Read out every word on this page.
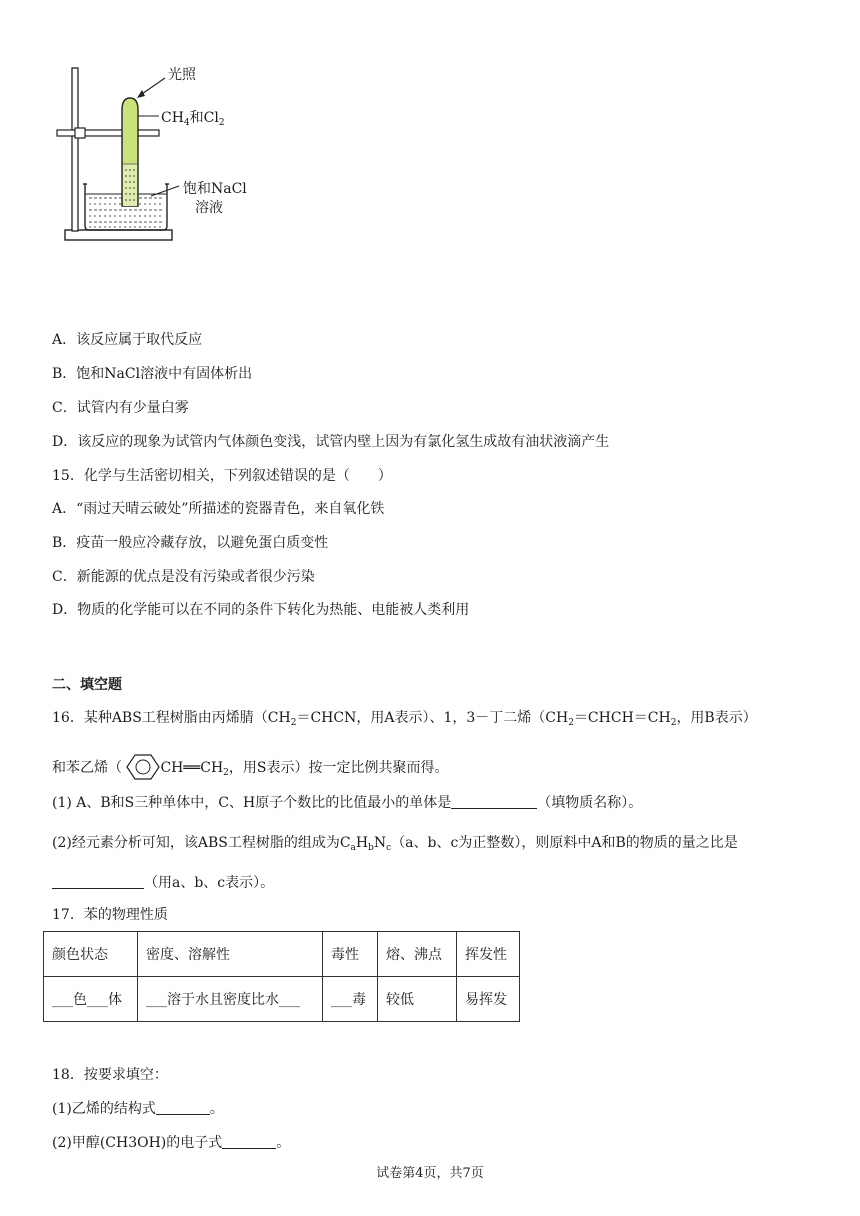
光照
$CH_4$和$Cl_2$
饱和NaCl
溶液
A．该反应属于取代反应
B．饱和NaCl溶液中有固体析出
C．试管内有少量白雾
D．该反应的现象为试管内气体颜色变浅，试管内壁上因为有氯化氢生成故有油状液滴产生
15．化学与生活密切相关，下列叙述错误的是（　　）
A．“雨过天晴云破处”所描述的瓷器青色，来自氧化铁
B．疫苗一般应冷藏存放，以避免蛋白质变性
C．新能源的优点是没有污染或者很少污染
D．物质的化学能可以在不同的条件下转化为热能、电能被人类利用
二、填空题
16．某种ABS工程树脂由丙烯腈（$CH_2=CHCN$，用A表示）、1，3－丁二烯（$CH_2=CHCH=CH_2$，用B表示）
和苯乙烯（	$CH══CH_2$，用S表示）按一定比例共聚而得。
(1) A、B和S三种单体中，C、H原子个数比的比值最小的单体是	（填物质名称）。
(2)经元素分析可知，该ABS工程树脂的组成为$C_aH_bN_c(a$、b、c为正整数），则原料中A和B的物质的量之比是
（用a、b、c表示）。
17．苯的物理性质
颜色状态	密度、溶解性	毒性	熔、沸点	挥发性
___色___体	___溶于水且密度比水___	___毒	较低	易挥发
18．按要求填空：
(1)乙烯的结构式	。
(2)甲醇(CH3OH)的电子式	。
试卷第4页，共7页
